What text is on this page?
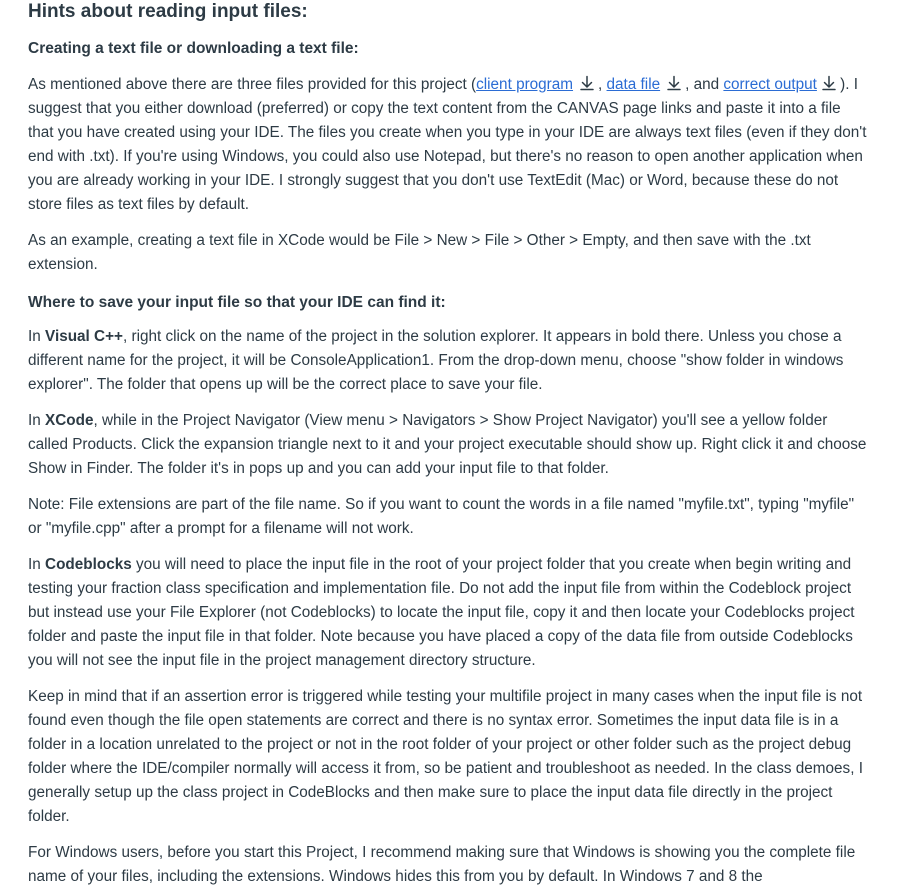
Hints about reading input files:
Creating a text file or downloading a text file:

As mentioned above there are three files provided for this project (client program , data file , and correct output ). I suggest that you either download (preferred) or copy the text content from the CANVAS page links and paste it into a file that you have created using your IDE. The files you create when you type in your IDE are always text files (even if they don't end with .txt). If you're using Windows, you could also use Notepad, but there's no reason to open another application when you are already working in your IDE. I strongly suggest that you don't use TextEdit (Mac) or Word, because these do not store files as text files by default.

As an example, creating a text file in XCode would be File > New > File > Other > Empty, and then save with the .txt extension.

Where to save your input file so that your IDE can find it:

In Visual C++, right click on the name of the project in the solution explorer. It appears in bold there. Unless you chose a different name for the project, it will be ConsoleApplication1. From the drop-down menu, choose "show folder in windows explorer". The folder that opens up will be the correct place to save your file.

In XCode, while in the Project Navigator (View menu > Navigators > Show Project Navigator) you'll see a yellow folder called Products. Click the expansion triangle next to it and your project executable should show up. Right click it and choose Show in Finder. The folder it's in pops up and you can add your input file to that folder.

Note: File extensions are part of the file name. So if you want to count the words in a file named "myfile.txt", typing "myfile" or "myfile.cpp" after a prompt for a filename will not work.

In Codeblocks you will need to place the input file in the root of your project folder that you create when begin writing and testing your fraction class specification and implementation file. Do not add the input file from within the Codeblock project but instead use your File Explorer (not Codeblocks) to locate the input file, copy it and then locate your Codeblocks project folder and paste the input file in that folder. Note because you have placed a copy of the data file from outside Codeblocks you will not see the input file in the project management directory structure.

Keep in mind that if an assertion error is triggered while testing your multifile project in many cases when the input file is not found even though the file open statements are correct and there is no syntax error. Sometimes the input data file is in a folder in a location unrelated to the project or not in the root folder of your project or other folder such as the project debug folder where the IDE/compiler normally will access it from, so be patient and troubleshoot as needed. In the class demoes, I generally setup up the class project in CodeBlocks and then make sure to place the input data file directly in the project folder.

For Windows users, before you start this Project, I recommend making sure that Windows is showing you the complete file name of your files, including the extensions. Windows hides this from you by default. In Windows 7 and 8 the
